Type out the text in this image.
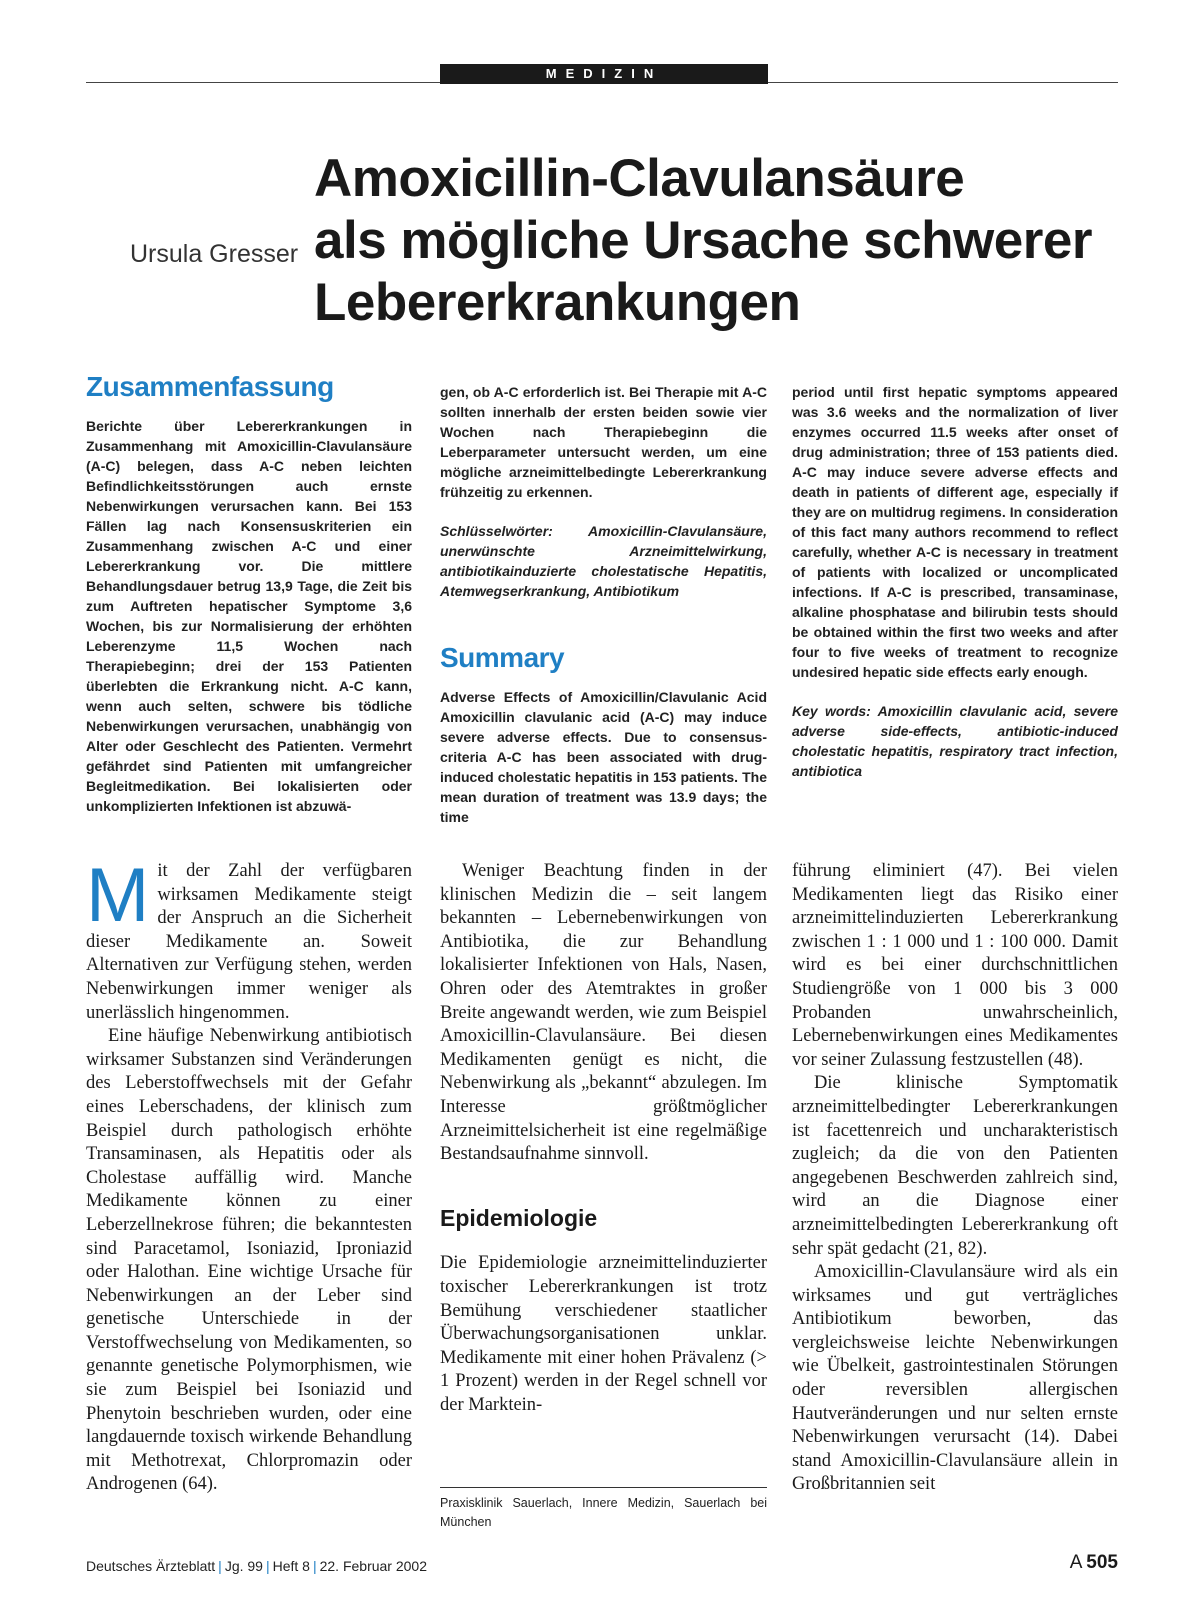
MEDIZIN
Ursula Gresser
Amoxicillin-Clavulansäure
als mögliche Ursache schwerer
Lebererkrankungen
Zusammenfassung

Berichte über Lebererkrankungen in Zusammenhang mit Amoxicillin-Clavulansäure (A-C) belegen, dass A-C neben leichten Befindlichkeitsstörungen auch ernste Nebenwirkungen verursachen kann. Bei 153 Fällen lag nach Konsensuskriterien ein Zusammenhang zwischen A-C und einer Lebererkrankung vor. Die mittlere Behandlungsdauer betrug 13,9 Tage, die Zeit bis zum Auftreten hepatischer Symptome 3,6 Wochen, bis zur Normalisierung der erhöhten Leberenzyme 11,5 Wochen nach Therapiebeginn; drei der 153 Patienten überlebten die Erkrankung nicht. A-C kann, wenn auch selten, schwere bis tödliche Nebenwirkungen verursachen, unabhängig von Alter oder Geschlecht des Patienten. Vermehrt gefährdet sind Patienten mit umfangreicher Begleitmedikation. Bei lokalisierten oder unkomplizierten Infektionen ist abzuwä-

gen, ob A-C erforderlich ist. Bei Therapie mit A-C sollten innerhalb der ersten beiden sowie vier Wochen nach Therapiebeginn die Leberparameter untersucht werden, um eine mögliche arzneimittelbedingte Lebererkrankung frühzeitig zu erkennen.

Schlüsselwörter: Amoxicillin-Clavulansäure, unerwünschte Arzneimittelwirkung, antibiotikainduzierte cholestatische Hepatitis, Atemwegserkrankung, Antibiotikum

Summary

Adverse Effects of Amoxicillin/Clavulanic Acid Amoxicillin clavulanic acid (A-C) may induce severe adverse effects. Due to consensus-criteria A-C has been associated with drug-induced cholestatic hepatitis in 153 patients. The mean duration of treatment was 13.9 days; the time

period until first hepatic symptoms appeared was 3.6 weeks and the normalization of liver enzymes occurred 11.5 weeks after onset of drug administration; three of 153 patients died. A-C may induce severe adverse effects and death in patients of different age, especially if they are on multidrug regimens. In consideration of this fact many authors recommend to reflect carefully, whether A-C is necessary in treatment of patients with localized or uncomplicated infections. If A-C is prescribed, transaminase, alkaline phosphatase and bilirubin tests should be obtained within the first two weeks and after four to five weeks of treatment to recognize undesired hepatic side effects early enough.

Key words: Amoxicillin clavulanic acid, severe adverse side-effects, antibiotic-induced cholestatic hepatitis, respiratory tract infection, antibiotica

Mit der Zahl der verfügbaren wirksamen Medikamente steigt der Anspruch an die Sicherheit dieser Medikamente an. Soweit Alternativen zur Verfügung stehen, werden Nebenwirkungen immer weniger als unerlässlich hingenommen.

Eine häufige Nebenwirkung antibiotisch wirksamer Substanzen sind Veränderungen des Leberstoffwechsels mit der Gefahr eines Leberschadens, der klinisch zum Beispiel durch pathologisch erhöhte Transaminasen, als Hepatitis oder als Cholestase auffällig wird. Manche Medikamente können zu einer Leberzellnekrose führen; die bekanntesten sind Paracetamol, Isoniazid, Iproniazid oder Halothan. Eine wichtige Ursache für Nebenwirkungen an der Leber sind genetische Unterschiede in der Verstoffwechselung von Medikamenten, so genannte genetische Polymorphismen, wie sie zum Beispiel bei Isoniazid und Phenytoin beschrieben wurden, oder eine langdauernde toxisch wirkende Behandlung mit Methotrexat, Chlorpromazin oder Androgenen (64).

Weniger Beachtung finden in der klinischen Medizin die – seit langem bekannten – Lebernebenwirkungen von Antibiotika, die zur Behandlung lokalisierter Infektionen von Hals, Nasen, Ohren oder des Atemtraktes in großer Breite angewandt werden, wie zum Beispiel Amoxicillin-Clavulansäure. Bei diesen Medikamenten genügt es nicht, die Nebenwirkung als „bekannt“ abzulegen. Im Interesse größtmöglicher Arzneimittelsicherheit ist eine regelmäßige Bestandsaufnahme sinnvoll.

Epidemiologie

Die Epidemiologie arzneimittelinduzierter toxischer Lebererkrankungen ist trotz Bemühung verschiedener staatlicher Überwachungsorganisationen unklar. Medikamente mit einer hohen Prävalenz (> 1 Prozent) werden in der Regel schnell vor der Marktein-

Praxisklinik Sauerlach, Innere Medizin, Sauerlach bei München

führung eliminiert (47). Bei vielen Medikamenten liegt das Risiko einer arzneimittelinduzierten Lebererkrankung zwischen 1 : 1 000 und 1 : 100 000. Damit wird es bei einer durchschnittlichen Studiengröße von 1 000 bis 3 000 Probanden unwahrscheinlich, Lebernebenwirkungen eines Medikamentes vor seiner Zulassung festzustellen (48).

Die klinische Symptomatik arzneimittelbedingter Lebererkrankungen ist facettenreich und uncharakteristisch zugleich; da die von den Patienten angegebenen Beschwerden zahlreich sind, wird an die Diagnose einer arzneimittelbedingten Lebererkrankung oft sehr spät gedacht (21, 82).

Amoxicillin-Clavulansäure wird als ein wirksames und gut verträgliches Antibiotikum beworben, das vergleichsweise leichte Nebenwirkungen wie Übelkeit, gastrointestinalen Störungen oder reversiblen allergischen Hautveränderungen und nur selten ernste Nebenwirkungen verursacht (14). Dabei stand Amoxicillin-Clavulansäure allein in Großbritannien seit

Deutsches Ärzteblatt | Jg. 99 | Heft 8 | 22. Februar 2002	A  505
